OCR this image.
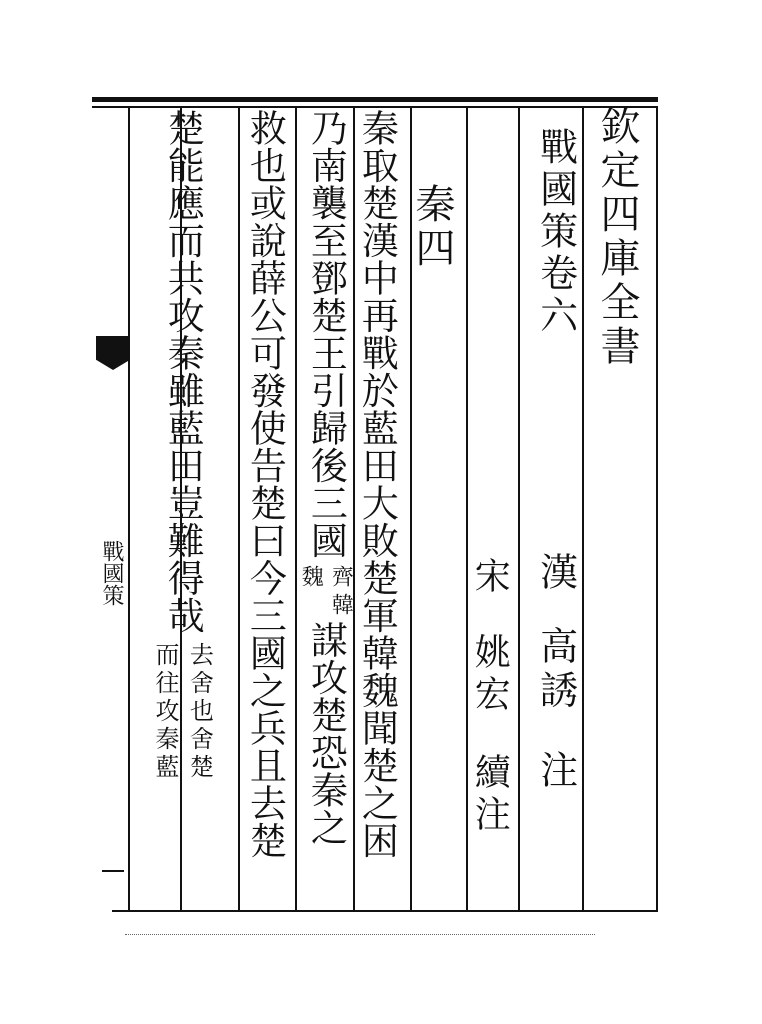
戰國策
欽定四庫全書
戰國策卷六
漢
高誘
注
宋
姚宏
續注
秦四
秦取楚漢中再戰於藍田大敗楚軍韓魏聞楚之困
乃南襲至鄧楚王引歸後三國
齊韓
魏
謀攻楚恐秦之
救也或說薛公可發使告楚曰今三國之兵且去楚
楚能應而共攻秦雖藍田豈難得哉
去舍也舍楚
而往攻秦藍
